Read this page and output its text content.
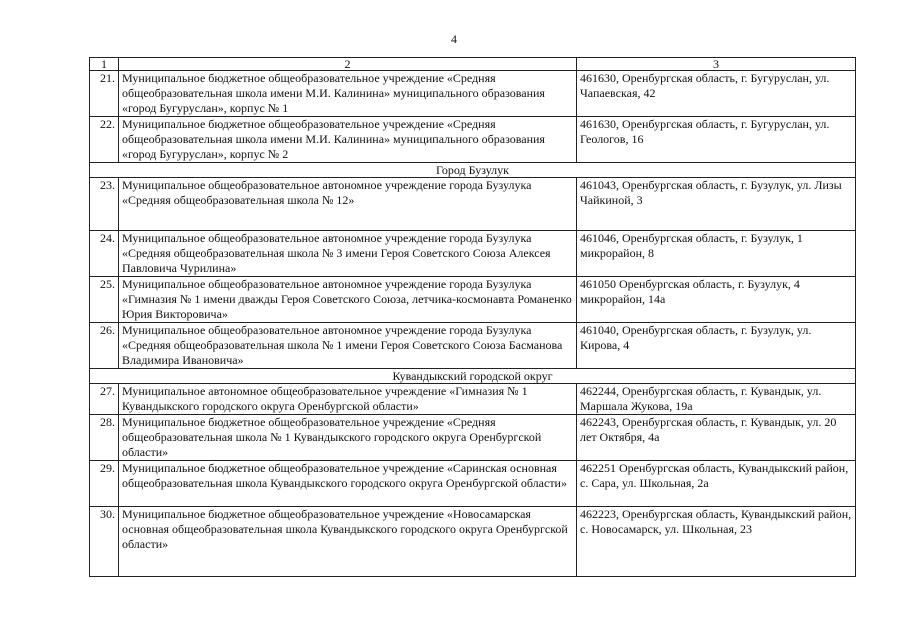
4
1	2	3
21.	Муниципальное бюджетное общеобразовательное учреждение «Средняя общеобразовательная школа имени М.И. Калинина» муниципального образования «город Бугуруслан», корпус № 1	461630, Оренбургская область, г. Бугуруслан, ул. Чапаевская, 42
22.	Муниципальное бюджетное общеобразовательное учреждение «Средняя общеобразовательная школа имени М.И. Калинина» муниципального образования «город Бугуруслан», корпус № 2	461630, Оренбургская область, г. Бугуруслан, ул. Геологов, 16
Город Бузулук		
23.	Муниципальное общеобразовательное автономное учреждение города Бузулука «Средняя общеобразовательная школа № 12»	461043, Оренбургская область, г. Бузулук, ул. Лизы Чайкиной, 3
24.	Муниципальное общеобразовательное автономное учреждение города Бузулука «Средняя общеобразовательная школа № 3 имени Героя Советского Союза Алексея Павловича Чурилина»	461046, Оренбургская область, г. Бузулук, 1 микрорайон, 8
25.	Муниципальное общеобразовательное автономное учреждение города Бузулука «Гимназия № 1 имени дважды Героя Советского Союза, летчика-космонавта Романенко Юрия Викторовича»	461050 Оренбургская область, г. Бузулук, 4 микрорайон, 14а
26.	Муниципальное общеобразовательное автономное учреждение города Бузулука «Средняя общеобразовательная школа № 1 имени Героя Советского Союза Басманова Владимира Ивановича»	461040, Оренбургская область, г. Бузулук, ул. Кирова, 4
Кувандыкский городской округ		
27.	Муниципальное автономное общеобразовательное учреждение «Гимназия № 1 Кувандыкского городского округа Оренбургской области»	462244, Оренбургская область, г. Кувандык, ул. Маршала Жукова, 19а
28.	Муниципальное бюджетное общеобразовательное учреждение «Средняя общеобразовательная школа № 1 Кувандыкского городского округа Оренбургской области»	462243, Оренбургская область, г. Кувандык, ул. 20 лет Октября, 4а
29.	Муниципальное бюджетное общеобразовательное учреждение «Саринская основная общеобразовательная школа Кувандыкского городского округа Оренбургской области»	462251 Оренбургская область, Кувандыкский район, с. Сара, ул. Школьная, 2а
30.	Муниципальное бюджетное общеобразовательное учреждение «Новосамарская основная общеобразовательная школа Кувандыкского городского округа Оренбургской области»	462223, Оренбургская область, Кувандыкский район, с. Новосамарск, ул. Школьная, 23
